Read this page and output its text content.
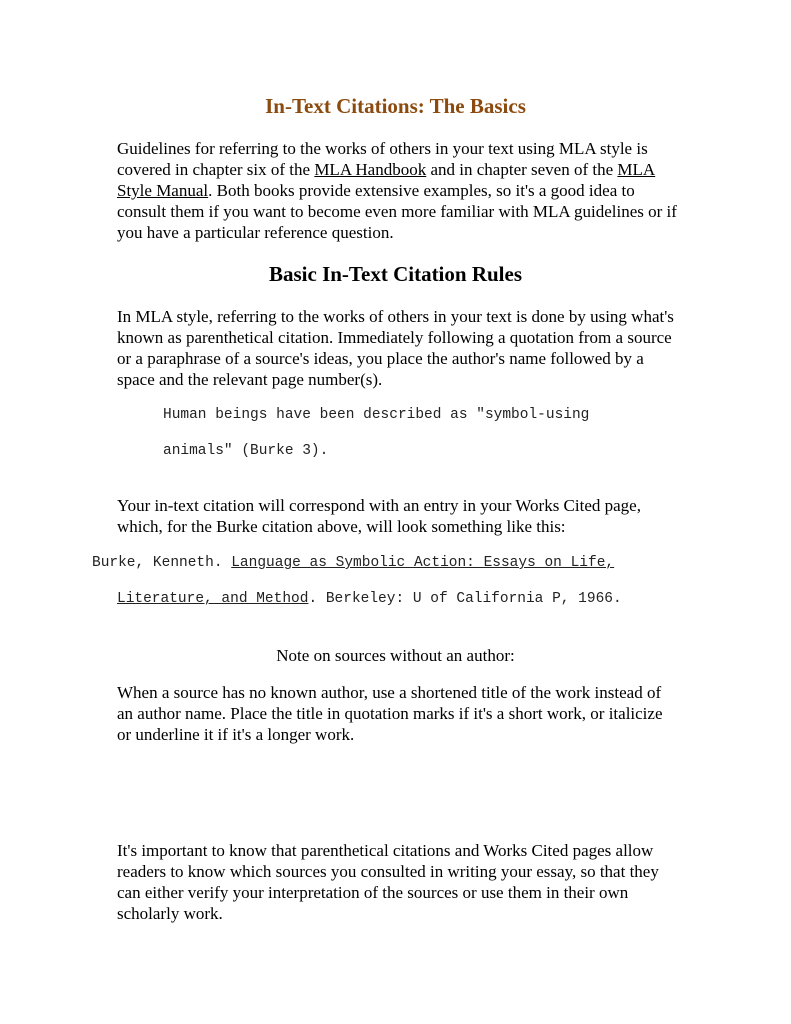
In-Text Citations: The Basics

Guidelines for referring to the works of others in your text using MLA style is covered in chapter six of the MLA Handbook and in chapter seven of the MLA Style Manual. Both books provide extensive examples, so it's a good idea to consult them if you want to become even more familiar with MLA guidelines or if you have a particular reference question.

Basic In-Text Citation Rules

In MLA style, referring to the works of others in your text is done by using what's known as parenthetical citation. Immediately following a quotation from a source or a paraphrase of a source's ideas, you place the author's name followed by a space and the relevant page number(s).

Human beings have been described as "symbol-using

animals" (Burke 3).

Your in-text citation will correspond with an entry in your Works Cited page, which, for the Burke citation above, will look something like this:

Burke, Kenneth. Language as Symbolic Action: Essays on Life,

Literature, and Method. Berkeley: U of California P, 1966.

Note on sources without an author:

When a source has no known author, use a shortened title of the work instead of an author name. Place the title in quotation marks if it's a short work, or italicize or underline it if it's a longer work.

It's important to know that parenthetical citations and Works Cited pages allow readers to know which sources you consulted in writing your essay, so that they can either verify your interpretation of the sources or use them in their own scholarly work.
